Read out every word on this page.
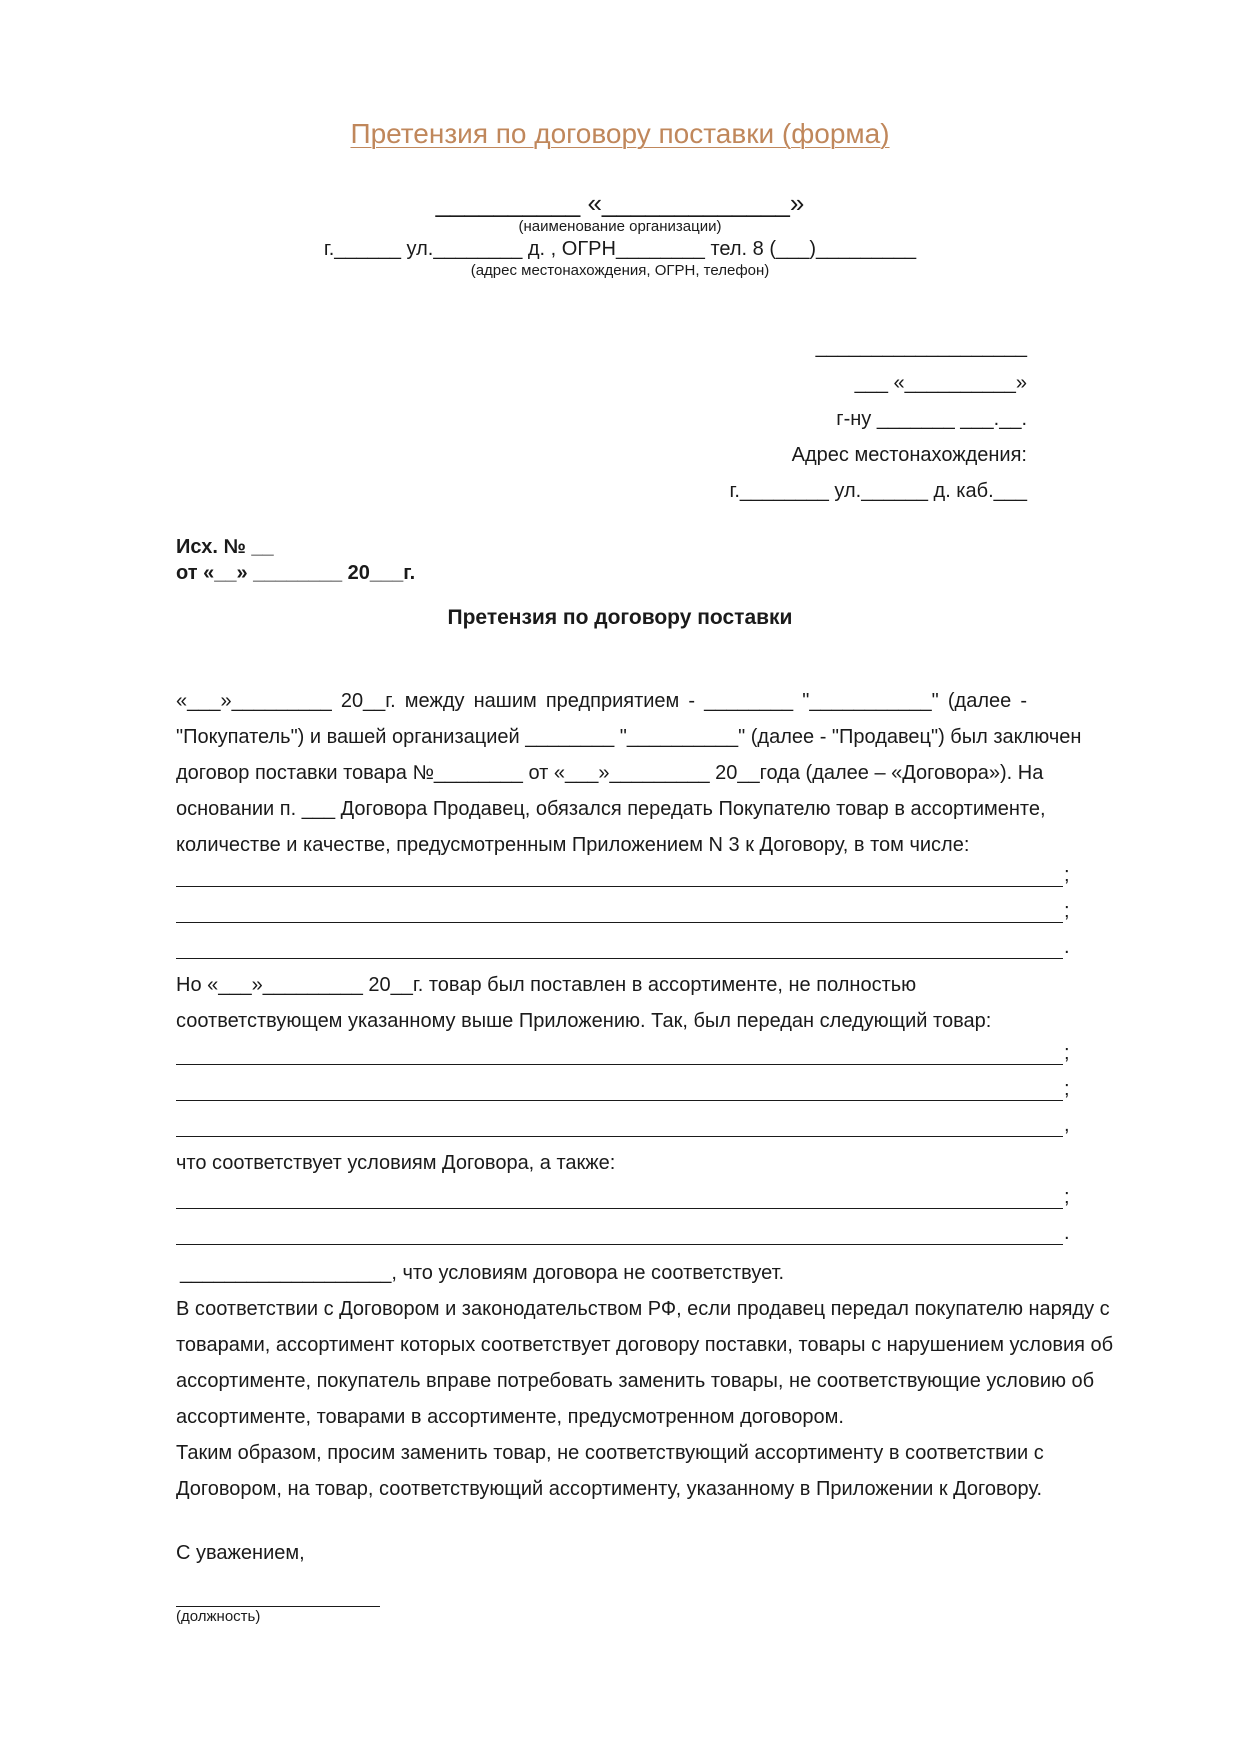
Претензия по договору поставки (форма)
__________ «_____________»
(наименование организации)
г.______ ул.________ д. , ОГРН________ тел. 8 (___)_________
(адрес местонахождения, ОГРН, телефон)
___________________
___ «__________»
г-ну _______ ___.__.
Адрес местонахождения:
г.________ ул.______ д. каб.___
Исх. № __
от «__» ________ 20___г.
Претензия по договору поставки
«___»_________ 20__г. между нашим предприятием - ________ "___________" (далее -
"Покупатель") и вашей организацией ________ "__________" (далее - "Продавец") был заключен
договор поставки товара №________ от «___»_________ 20__года (далее – «Договора»). На
основании п. ___ Договора Продавец, обязался передать Покупателю товар в ассортименте,
количестве и качестве, предусмотренным Приложением N 3 к Договору, в том числе:
;
;
.
Но «___»_________ 20__г. товар был поставлен в ассортименте, не полностью
соответствующем указанному выше Приложению. Так, был передан следующий товар:
;
;
,
что соответствует условиям Договора, а также:
;
.
___________________, что условиям договора не соответствует.
В соответствии с Договором и законодательством РФ, если продавец передал покупателю наряду с
товарами, ассортимент которых соответствует договору поставки, товары с нарушением условия об
ассортименте, покупатель вправе потребовать заменить товары, не соответствующие условию об
ассортименте, товарами в ассортименте, предусмотренном договором.
Таким образом, просим заменить товар, не соответствующий ассортименту в соответствии с
Договором, на товар, соответствующий ассортименту, указанному в Приложении к Договору.
С уважением,
(должность)
